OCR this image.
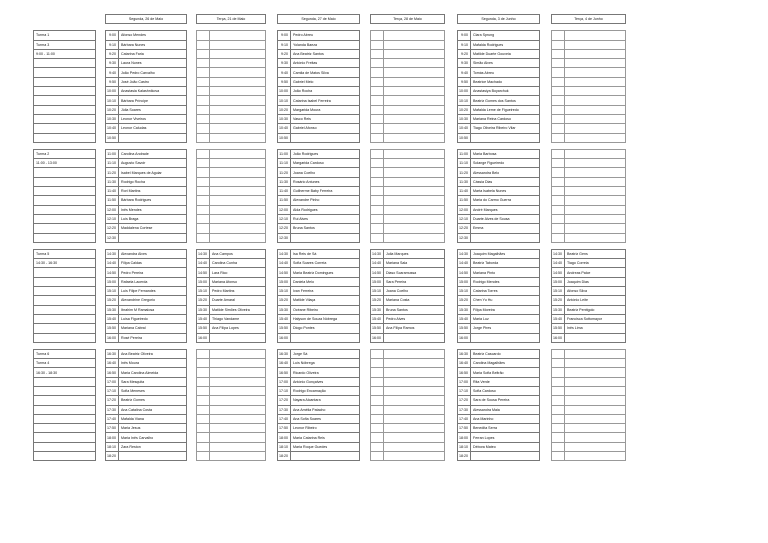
		Segunda, 26 de Maio			Terça, 21 de Maio			Segunda, 27 de Maio			Terça, 28 de Maio			Segunda, 3 de Junho			Terça, 4 de Junho	

Turma 1		9:00	Afonso Mendes					9:00	Pedro Abreu					9:00	Clara Sprung			
Turma 3		9:10	Bárbara Nunes					9:10	Yolanda Baeza					9:10	Mafalda Rodrigues			
9:00 - 11:00		9:20	Catarina Faria					9:20	Ana Beatriz Santos					9:20	Matilde Duarte Gouveia			
		9:30	Laura Nunes					9:30	António Freitas					9:30	Simão Alves			
		9:40	João Pedro Carvalho					9:40	Camila de Matos Silva					9:40	Tomás Abreu			
		9:50	José João Castro					9:50	Gabriel Melo					9:50	Beatrice Machado			
		10:00	Anastasia Kalashnikova					10:00	João Rocha					10:00	Anastasiya Boyarchuk			
		10:10	Bárbara Príncipe					10:10	Catarina Isabel Ferreira					10:10	Beatriz Gomes dos Santos			
		10:20	Júlia Soares					10:20	Margarida Moura					10:20	Mafalda Leme de Figueiredo			
		10:30	Leonor Viveiros					10:30	Vasco Reis					10:30	Mariana Reina Cardoso			
		10:40	Leonor Caludas					10:40	Gabriel Afonso					10:40	Tiago Oliveira Ribeiro Vilar			
		10:50						10:50						10:50				

Turma 2		11:00	Carolina Andrade					11:00	João Rodrigues					11:00	Maria Barbosa			
11:00 - 13:00		11:10	Augusto Savoir					11:10	Margarida Cardoso					11:10	Solange Figueiredo			
		11:20	Isabel Marques de Aguiar					11:20	Joana Coelho					11:20	Alessandra Belo			
		11:30	Rodrigo Rocha					11:30	Rosário Antunes					11:30	Cássia Dias			
		11:40	Rori Martins					11:40	Guilherme Baby Ferreira					11:40	Marta Isabela Nunes			
		11:50	Bárbara Rodrigues					11:50	Alexandre Pinho					11:50	Maria do Carmo Guerra			
		12:00	Inês Mendes					12:00	Alda Rodrigues					12:00	André Marques			
		12:10	Luís Braga					12:10	Rui Alves					12:10	Duarte Alves de Sousa			
		12:20	Maddalena Cortese					12:20	Bruna Santos					12:20	Emma			
		12:30						12:30						12:30				

Turma 5		14:30	Alexandra Alves		14:30	Ana Campos		14:30	Isa Reis de Sá		14:30	Julia Marques		14:30	Joaquim Magalhães		14:30	Beatriz Gens
14:30 - 16:30		14:40	Filipa Caldas		14:40	Carolina Cunha		14:40	Sofia Soares Correia		14:40	Mariana Sala		14:40	Beatriz Taborda		14:40	Tiago Correia
		14:50	Pedro Pereira		14:50	Lara Rico		14:50	Maria Beatriz Domingues		14:50	Diaso Scaramussa		14:50	Mariana Pinto		14:50	Andreas Palce
		15:00	Rafaela Lacerda		15:00	Mariana Afonso		15:00	Daniela Melo		15:00	Sara Pereira		15:00	Rodrigo Mendes		15:00	Joaquim Dias
		15:10	Luís Filipe Fernandes		15:10	Pedro Martins		15:10	Ivan Ferreira		15:10	Joana Coelho		15:10	Catarina Torres		15:10	Afonso Silva
		15:20	Alexandrine Gregorio		15:20	Duarte Amaral		15:20	Matilde Vilaça		15:20	Mariana Costa		15:20	Chen Yu Hu		15:20	António Leite
		15:30	Ibrahim M Ramalosa		15:30	Matilde Simões Oliveira		15:30	Océane Ribeiro		15:30	Bruna Santos		15:30	Filipa Moreira		15:30	Beatriz Penttgolo
		15:40	Luísa Figueiredo		15:40	Thiago Vandame		15:40	Halyson de Souza Nóbrega		15:40	Pedro Alves		15:40	Maria Luz		15:40	Francisca Sottomayor
		15:50	Mariana Cabral		15:50	Ana Filipa Lopes		15:50	Diogo Pontes		15:50	Ana Filipa Ramos		15:50	Jorge Pires		15:50	Inês Lima
		16:00	Rosé Pereira		16:00			16:00			16:00			16:00			16:00	

Turma 6		16:30	Ana Beatriz Oliveira					16:30	Jorge Sá					16:30	Beatriz Cascardo			
Turma 4		16:40	Inês Moura					16:40	Luís Nóbrega					16:40	Carolina Magalhães			
16:30 - 18:30		16:50	Maria Carolina Almeida					16:50	Ricardo Oliveira					16:50	Maria Sofia Beltrão			
		17:00	Sara Mesquita					17:00	António Gonçalves					17:00	Rita Verde			
		17:10	Sofia Meneses					17:10	Rodrigo Encarnação					17:10	Sofia Cardoso			
		17:20	Beatriz Gomes					17:20	Nayara Alcantara					17:20	Sara de Sousa Pereira			
		17:30	Ana Catalina Costa					17:30	Ana Amélia Patacho					17:30	Alessandra Maia			
		17:40	Mafalda Viana					17:40	Ana Sofia Soares					17:40	Ana Marinho			
		17:50	Maria Jesus					17:50	Leonor Ribeiro					17:50	Benedita Serra			
		18:00	Maria Inês Carvalho					18:00	Maria Catarina Reis					18:00	Ferran Lopes			
		18:10	Zara Reston					18:10	Maria Roque Guedes					18:10	Débora Mateo			
		18:20						18:20						18:20				
